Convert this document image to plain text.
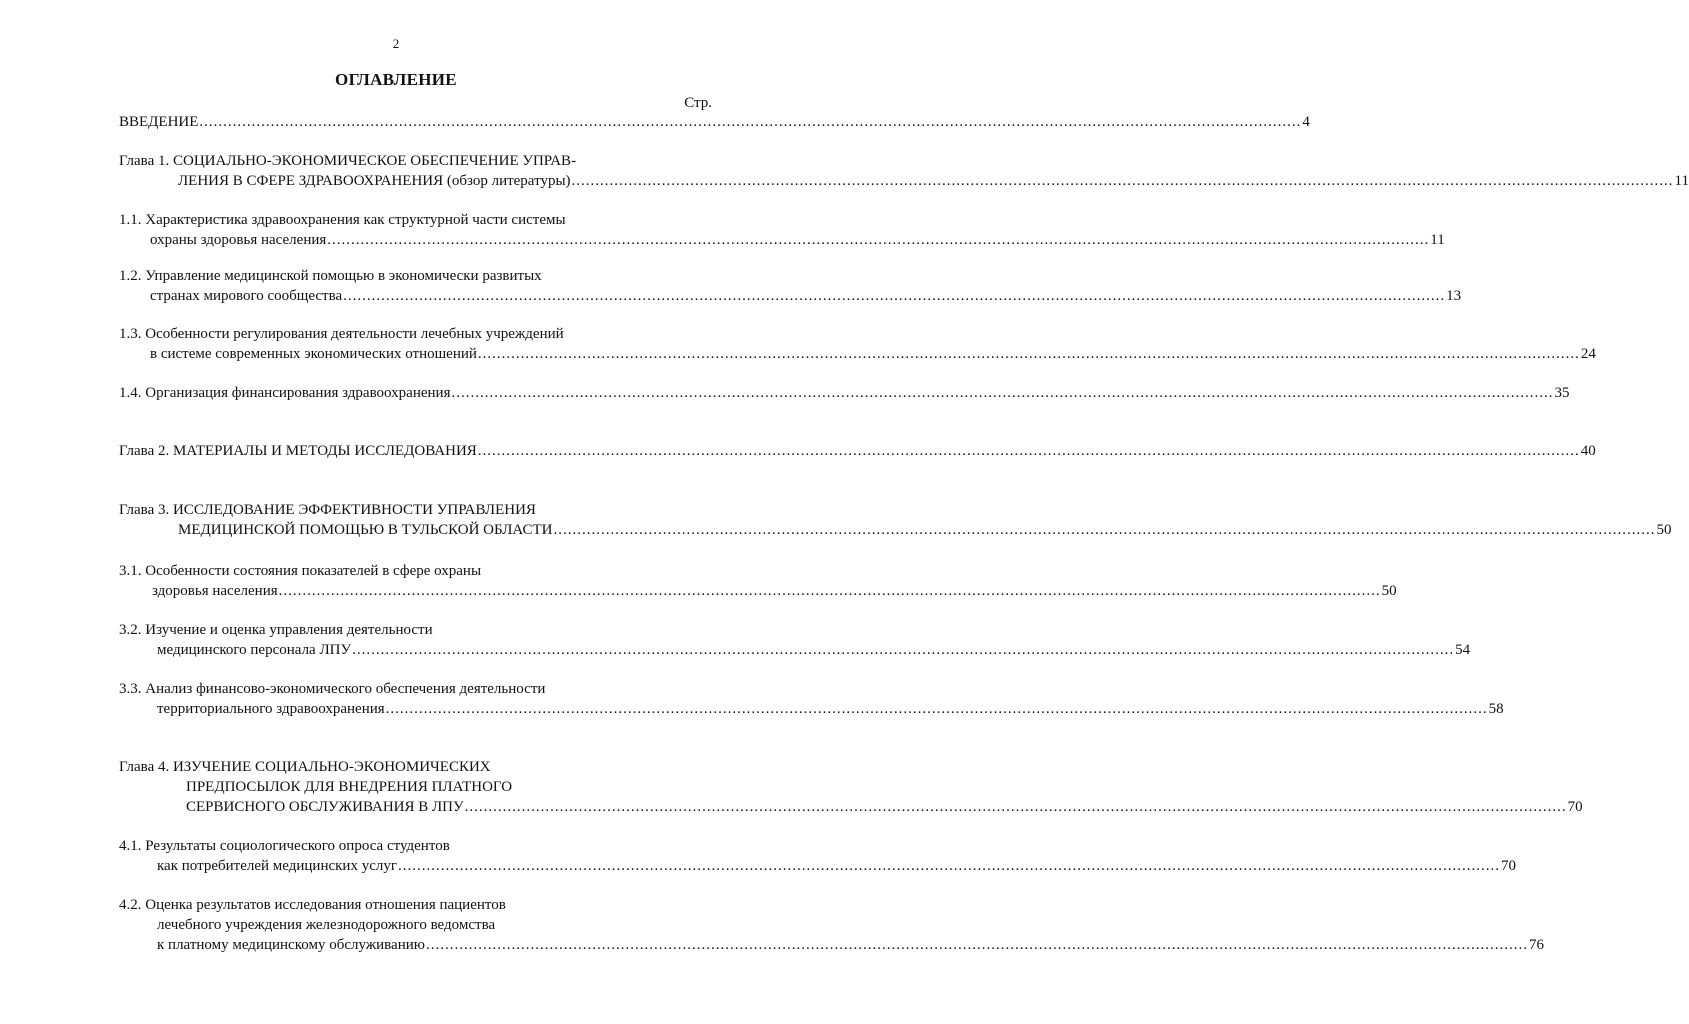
2
ОГЛАВЛЕНИЕ
Стр.
ВВЕДЕНИЕ .....	4
Глава 1. СОЦИАЛЬНО-ЭКОНОМИЧЕСКОЕ ОБЕСПЕЧЕНИЕ УПРАВ-
ЛЕНИЯ В СФЕРЕ ЗДРАВООХРАНЕНИЯ (обзор литературы) .....	11
1.1. Характеристика здравоохранения как структурной части системы
охраны здоровья населения .....	11
1.2. Управление медицинской помощью в экономически развитых
странах мирового сообщества .....	13
1.3. Особенности регулирования деятельности лечебных учреждений
в системе современных экономических отношений .....	24
1.4. Организация финансирования здравоохранения .....	35
Глава 2. МАТЕРИАЛЫ И МЕТОДЫ ИССЛЕДОВАНИЯ .....	40
Глава 3. ИССЛЕДОВАНИЕ ЭФФЕКТИВНОСТИ УПРАВЛЕНИЯ
МЕДИЦИНСКОЙ ПОМОЩЬЮ В ТУЛЬСКОЙ ОБЛАСТИ .....	50
3.1. Особенности состояния показателей в сфере охраны
здоровья населения .....	50
3.2. Изучение и оценка управления деятельности
медицинского персонала ЛПУ .....	54
3.3. Анализ финансово-экономического обеспечения деятельности
территориального здравоохранения .....	58
Глава 4. ИЗУЧЕНИЕ СОЦИАЛЬНО-ЭКОНОМИЧЕСКИХ
ПРЕДПОСЫЛОК ДЛЯ ВНЕДРЕНИЯ ПЛАТНОГО
СЕРВИСНОГО ОБСЛУЖИВАНИЯ В ЛПУ .....	70
4.1. Результаты социологического опроса студентов
как потребителей медицинских услуг .....	70
4.2. Оценка результатов исследования отношения пациентов
лечебного учреждения железнодорожного ведомства
к платному медицинскому обслуживанию .....	76
